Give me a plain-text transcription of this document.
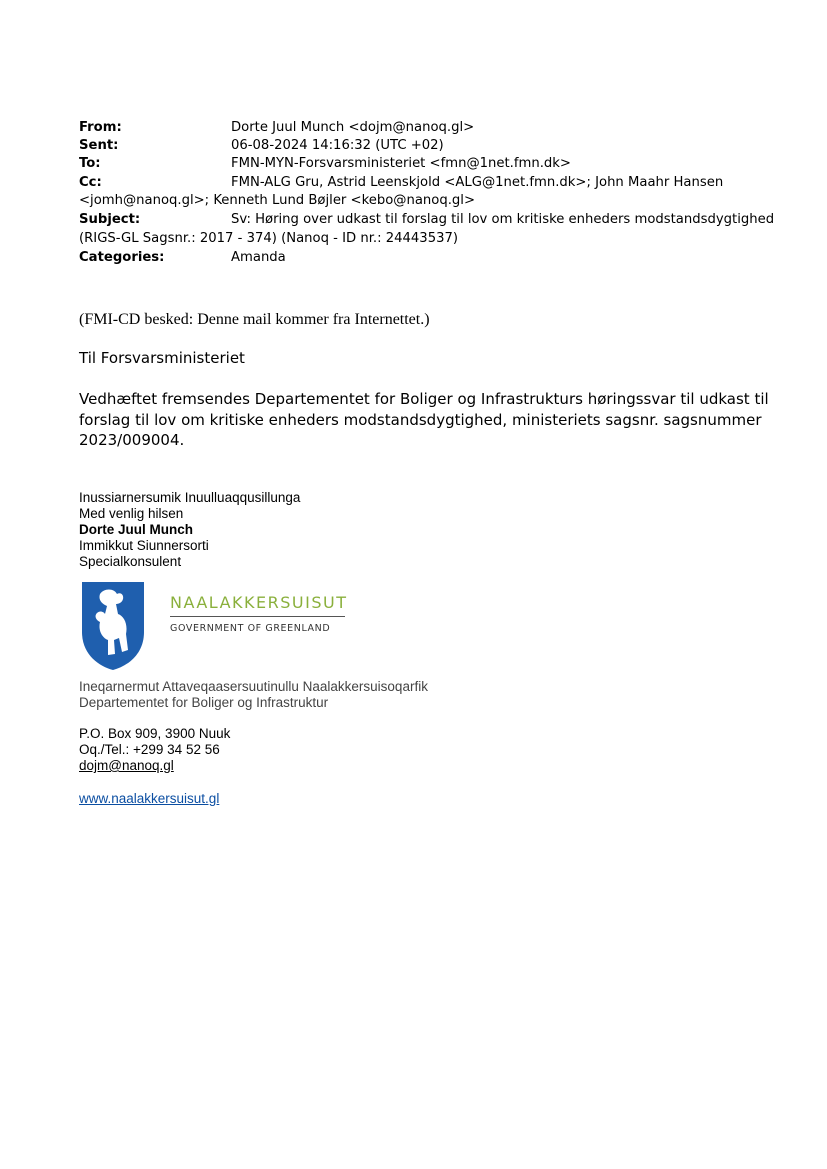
From:	Dorte Juul Munch <dojm@nanoq.gl>
Sent:	06-08-2024 14:16:32 (UTC +02)
To:	FMN-MYN-Forsvarsministeriet <fmn@1net.fmn.dk>
Cc:	FMN-ALG Gru, Astrid Leenskjold <ALG@1net.fmn.dk>; John Maahr Hansen
<jomh@nanoq.gl>; Kenneth Lund Bøjler <kebo@nanoq.gl>
Subject:	Sv: Høring over udkast til forslag til lov om kritiske enheders modstandsdygtighed
(RIGS-GL Sagsnr.: 2017 - 374) (Nanoq - ID nr.: 24443537)
Categories:	Amanda
(FMI-CD besked: Denne mail kommer fra Internettet.)
Til Forsvarsministeriet
Vedhæftet fremsendes Departementet for Boliger og Infrastrukturs høringssvar til udkast til
forslag til lov om kritiske enheders modstandsdygtighed, ministeriets sagsnr. sagsnummer
2023/009004.
Inussiarnersumik Inuulluaqqusillunga
Med venlig hilsen
Dorte Juul Munch
Immikkut Siunnersorti
Specialkonsulent
NAALAKKERSUISUT
GOVERNMENT OF GREENLAND
Ineqarnermut Attaveqaasersuutinullu Naalakkersuisoqarfik
Departementet for Boliger og Infrastruktur
P.O. Box 909, 3900 Nuuk
Oq./Tel.: +299 34 52 56
dojm@nanoq.gl
www.naalakkersuisut.gl
